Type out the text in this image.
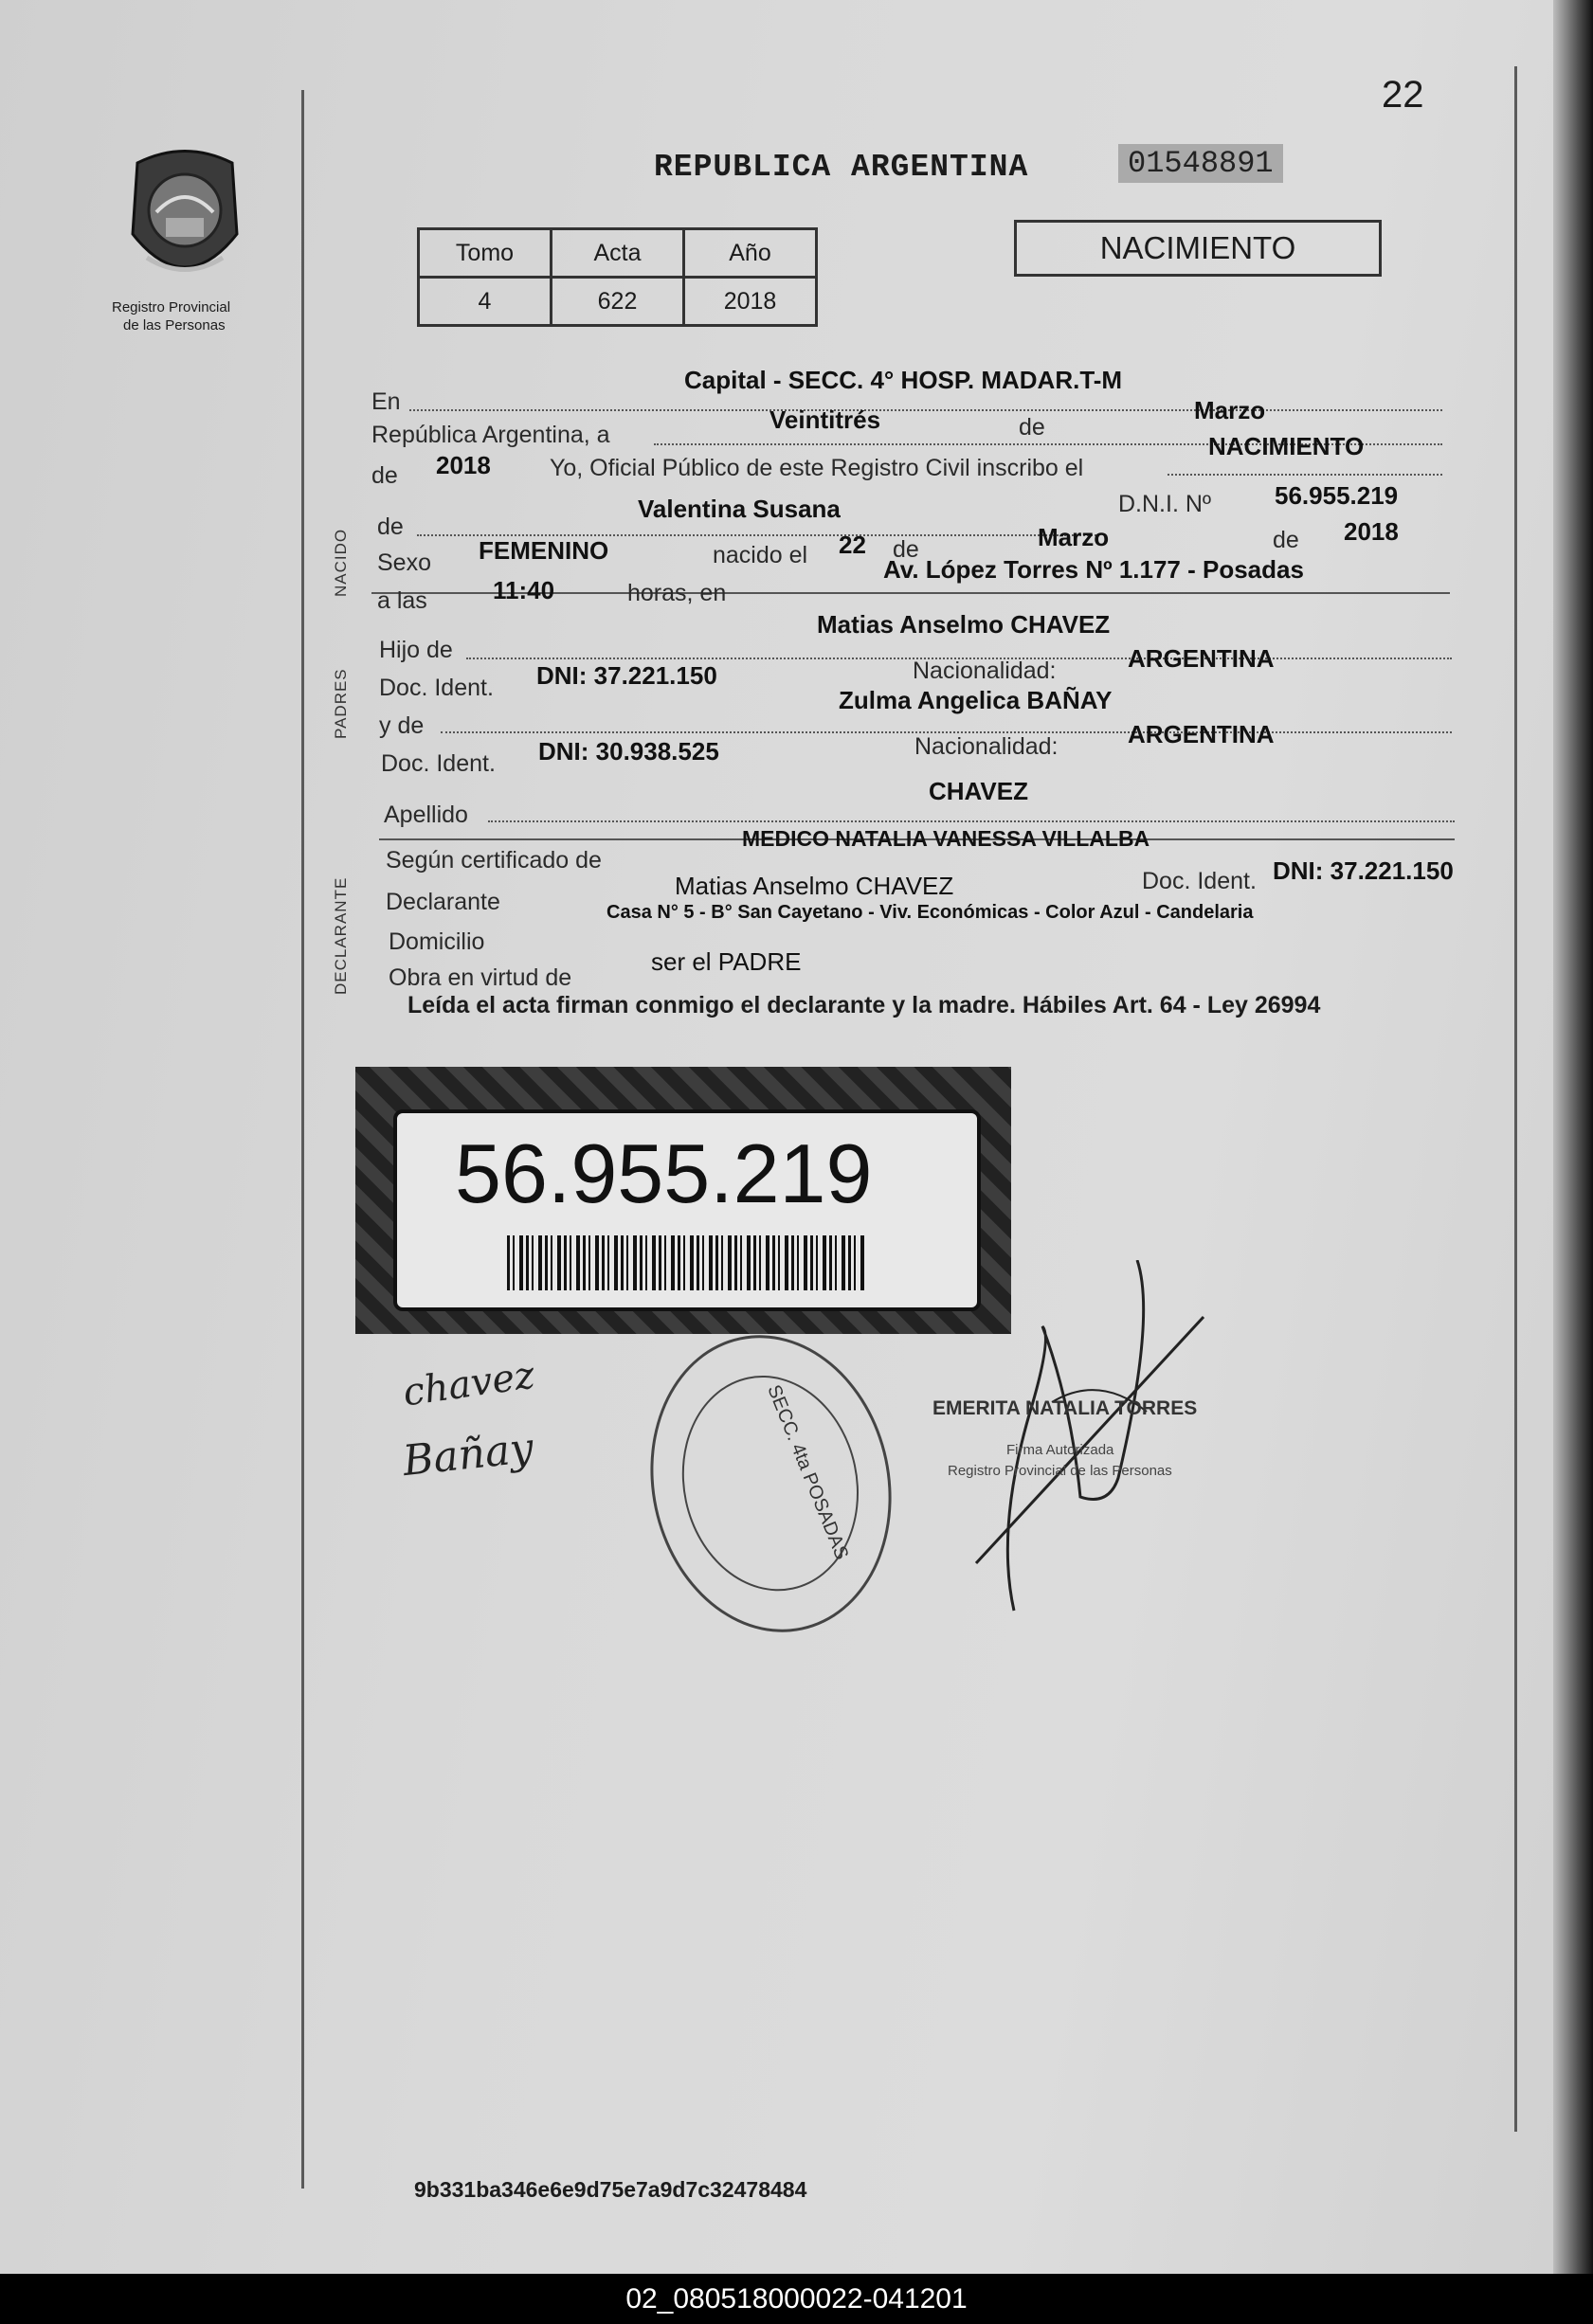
22
Registro Provincial
de las Personas
REPUBLICA ARGENTINA	01548891
Tomo	Acta	Año
4	622	2018
NACIMIENTO
En
Capital - SECC. 4° HOSP. MADAR.T-M
República Argentina, a
Veintitrés	de
Marzo
de 2018 Yo, Oficial Público de este Registro Civil inscribo el
NACIMIENTO
NACIDO
de
Valentina Susana	D.N.I. Nº	56.955.219
Sexo FEMENINO	nacido el 22 de	Marzo	de 2018
a las	11:40	horas, en
Av. López Torres Nº 1.177 - Posadas
PADRES
Hijo de
Matias Anselmo CHAVEZ
Doc. Ident. DNI: 37.221.150	Nacionalidad:	ARGENTINA
y de
Zulma Angelica BAÑAY
Doc. Ident. DNI: 30.938.525	Nacionalidad:	ARGENTINA
Apellido
CHAVEZ
DECLARANTE
Según certificado de
MEDICO NATALIA VANESSA VILLALBA
Declarante
Matias Anselmo CHAVEZ	Doc. Ident. DNI: 37.221.150
Domicilio
Casa N° 5 - B° San Cayetano - Viv. Económicas - Color Azul - Candelaria
Obra en virtud de
ser el PADRE
Leída el acta firman conmigo el declarante y la madre. Hábiles Art. 64 - Ley 26994
56.955.219
chavez
Bañay	SECC. 4ta POSADAS	EMERITA NATALIA TORRES
Firma Autorizada
Registro Provincial de las Personas
9b331ba346e6e9d75e7a9d7c32478484
02_080518000022-041201
